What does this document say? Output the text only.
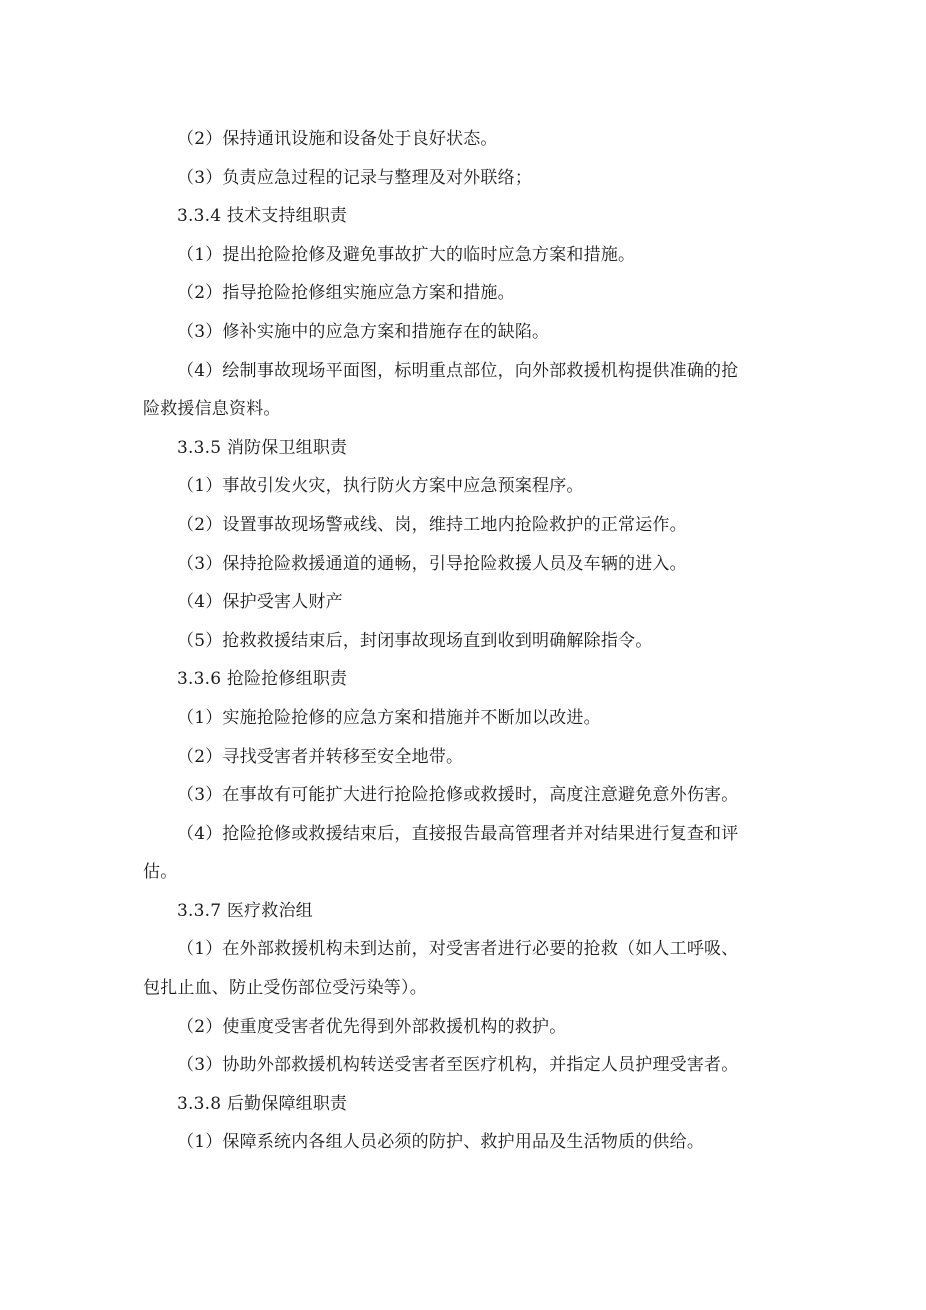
（2）保持通讯设施和设备处于良好状态。
（3）负责应急过程的记录与整理及对外联络；
3.3.4 技术支持组职责
（1）提出抢险抢修及避免事故扩大的临时应急方案和措施。
（2）指导抢险抢修组实施应急方案和措施。
（3）修补实施中的应急方案和措施存在的缺陷。
（4）绘制事故现场平面图，标明重点部位，向外部救援机构提供准确的抢
险救援信息资料。
3.3.5 消防保卫组职责
（1）事故引发火灾，执行防火方案中应急预案程序。
（2）设置事故现场警戒线、岗，维持工地内抢险救护的正常运作。
（3）保持抢险救援通道的通畅，引导抢险救援人员及车辆的进入。
（4）保护受害人财产
（5）抢救救援结束后，封闭事故现场直到收到明确解除指令。
3.3.6 抢险抢修组职责
（1）实施抢险抢修的应急方案和措施并不断加以改进。
（2）寻找受害者并转移至安全地带。
（3）在事故有可能扩大进行抢险抢修或救援时，高度注意避免意外伤害。
（4）抢险抢修或救援结束后，直接报告最高管理者并对结果进行复查和评
估。
3.3.7 医疗救治组
（1）在外部救援机构未到达前，对受害者进行必要的抢救（如人工呼吸、
包扎止血、防止受伤部位受污染等）。
（2）使重度受害者优先得到外部救援机构的救护。
（3）协助外部救援机构转送受害者至医疗机构，并指定人员护理受害者。
3.3.8 后勤保障组职责
（1）保障系统内各组人员必须的防护、救护用品及生活物质的供给。
